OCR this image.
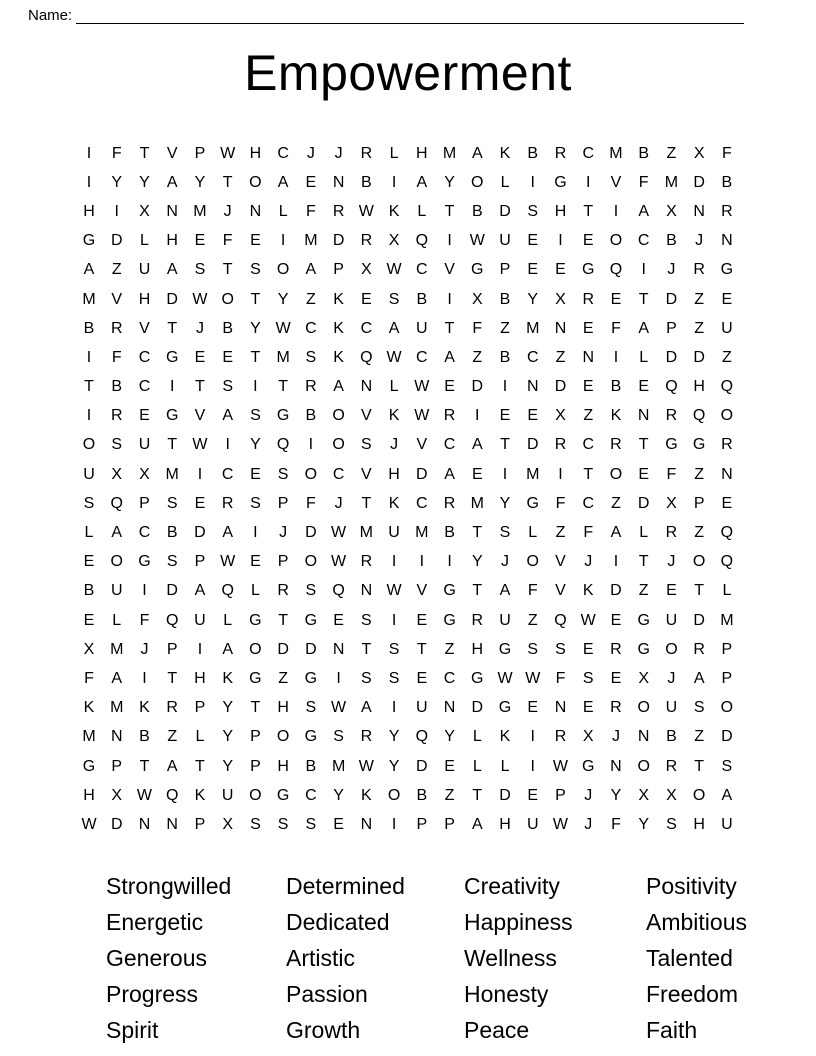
Name:
Empowerment
I	F	T	V	P W H	C	J	J	R	L	H M A	K	B	R	C M B	Z	X	F
I	Y	Y	A	Y	T	O	A	E	N	B	I	A	Y	O	L	I	G	I	V	F	M D	B
H	I	X	N M	J	N	L	F	R W K	L	T	B	D	S	H	T	I	A	X	N	R
G D	L	H	E	F	E	I	M D	R	X	Q	I	W U	E	I	E	O C	B	J	N
A	Z	U	A	S	T	S	O	A	P	X W C	V	G	P	E	E	G Q	I	J	R G
M V	H	D W O	T	Y	Z	K	E	S	B	I	X	B	Y	X	R	E	T	D	Z	E
B	R	V	T	J	B	Y W C	K	C	A	U	T	F	Z	M N	E	F	A	P	Z	U
I	F	C G	E	E	T	M S	K	Q W C	A	Z	B	C	Z	N	I	L	D	D	Z
T	B	C	I	T	S	I	T	R	A	N	L W E	D	I	N	D	E	B	E	Q H Q
I	R	E	G	V	A	S	G	B	O	V	K W R	I	E	E	X	Z	K	N	R Q O
O	S	U	T W	I	Y	Q	I	O	S	J	V	C	A	T	D	R	C	R	T	G G R
U	X	X M	I	C	E	S	O C	V	H	D	A	E	I	M	I	T	O	E	F	Z	N
S	Q	P	S	E	R	S	P	F	J	T	K	C	R M Y	G	F	C	Z	D	X	P	E
L	A	C	B	D	A	I	J	D W M U M B	T	S	L	Z	F	A	L	R	Z	Q
E	O G	S	P W E	P	O W R	I	I	I	Y	J	O	V	J	I	T	J	O Q
B	U	I	D	A	Q	L	R	S	Q N W V	G	T	A	F	V	K	D	Z	E	T	L
E	L	F	Q U	L	G	T	G	E	S	I	E	G R	U	Z	Q W E	G U	D M
X M	J	P	I	A	O D	D	N	T	S	T	Z	H G	S	S	E	R G O R	P
F	A	I	T	H	K	G	Z	G	I	S	S	E	C G W W F	S	E	X	J	A	P
K M K	R	P	Y	T	H	S W A	I	U	N	D G	E	N	E	R O U	S	O
M N	B	Z	L	Y	P	O G	S	R	Y	Q	Y	L	K	I	R	X	J	N	B	Z	D
G	P	T	A	T	Y	P	H	B M W Y	D	E	L	L	I	W G N O R	T	S
H	X W Q	K	U O G C	Y	K	O	B	Z	T	D	E	P	J	Y	X	X	O	A
W D	N	N	P	X	S	S	S	E	N	I	P	P	A	H	U W	J	F	Y	S	H	U
Strongwilled	Determined	Creativity	Positivity
Energetic	Dedicated	Happiness	Ambitious
Generous	Artistic	Wellness	Talented
Progress	Passion	Honesty	Freedom
Spirit	Growth	Peace	Faith
